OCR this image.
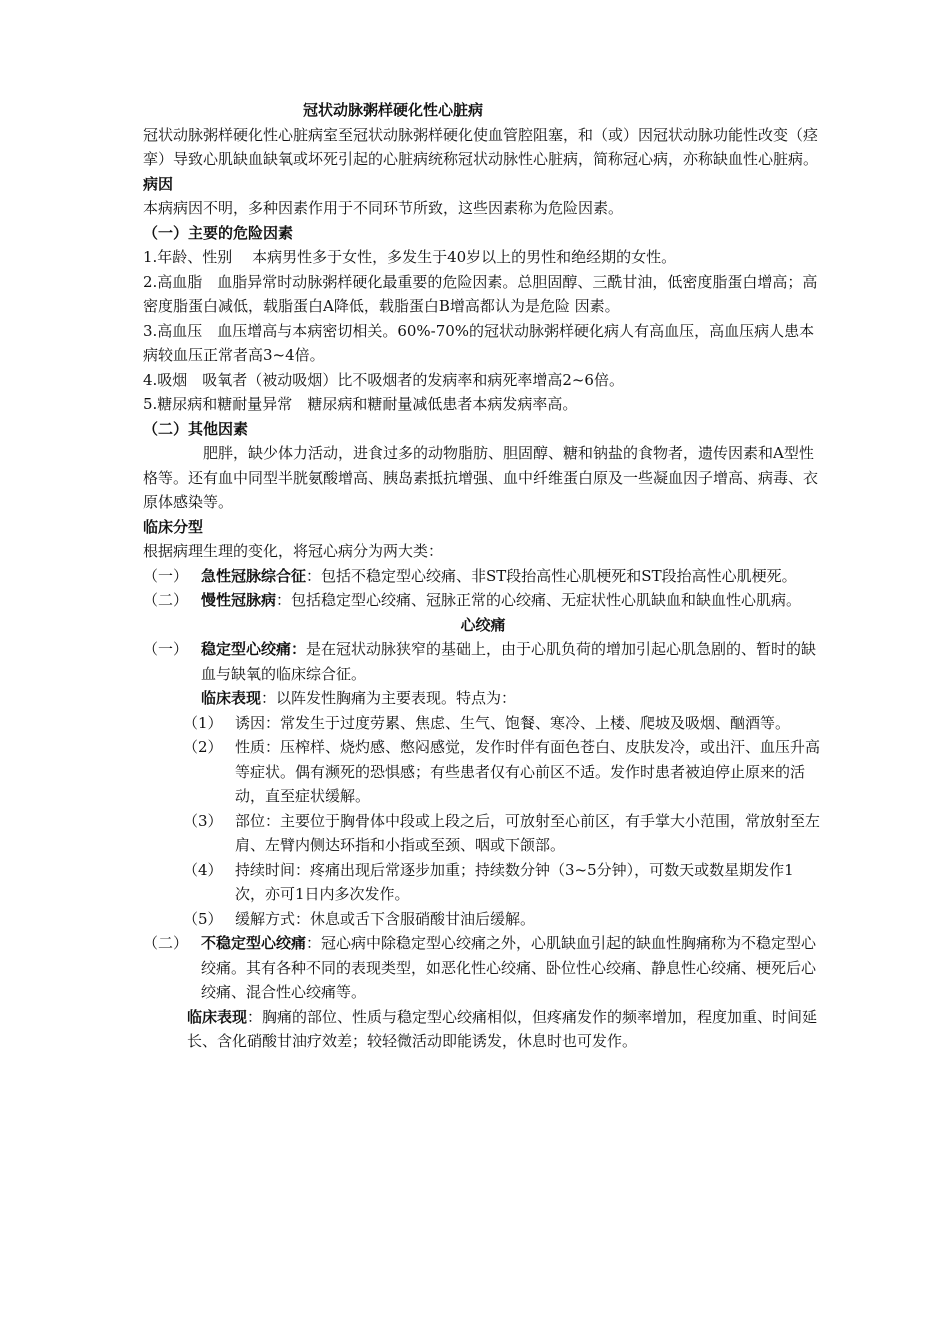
冠状动脉粥样硬化性心脏病

冠状动脉粥样硬化性心脏病室至冠状动脉粥样硬化使血管腔阻塞，和（或）因冠状动脉功能性改变（痉挛）导致心肌缺血缺氧或坏死引起的心脏病统称冠状动脉性心脏病，简称冠心病，亦称缺血性心脏病。

病因

本病病因不明，多种因素作用于不同环节所致，这些因素称为危险因素。

（一）主要的危险因素

1.年龄、性别　 本病男性多于女性，多发生于40岁以上的男性和绝经期的女性。

2.高血脂　血脂异常时动脉粥样硬化最重要的危险因素。总胆固醇、三酰甘油，低密度脂蛋白增高；高密度脂蛋白减低，载脂蛋白A降低，载脂蛋白B增高都认为是危险 因素。

3.高血压　血压增高与本病密切相关。60%-70%的冠状动脉粥样硬化病人有高血压，高血压病人患本病较血压正常者高3~4倍。

4.吸烟　吸氧者（被动吸烟）比不吸烟者的发病率和病死率增高2~6倍。

5.糖尿病和糖耐量异常　糖尿病和糖耐量减低患者本病发病率高。

（二）其他因素

肥胖，缺少体力活动，进食过多的动物脂肪、胆固醇、糖和钠盐的食物者，遗传因素和A型性格等。还有血中同型半胱氨酸增高、胰岛素抵抗增强、血中纤维蛋白原及一些凝血因子增高、病毒、衣原体感染等。

临床分型

根据病理生理的变化，将冠心病分为两大类：

（一） 急性冠脉综合征：包括不稳定型心绞痛、非ST段抬高性心肌梗死和ST段抬高性心肌梗死。
（二） 慢性冠脉病：包括稳定型心绞痛、冠脉正常的心绞痛、无症状性心肌缺血和缺血性心肌病。

心绞痛

（一） 稳定型心绞痛：是在冠状动脉狭窄的基础上，由于心肌负荷的增加引起心肌急剧的、暂时的缺血与缺氧的临床综合征。

临床表现：以阵发性胸痛为主要表现。特点为：

（1） 诱因：常发生于过度劳累、焦虑、生气、饱餐、寒冷、上楼、爬坡及吸烟、酗酒等。
（2） 性质：压榨样、烧灼感、憋闷感觉，发作时伴有面色苍白、皮肤发冷，或出汗、血压升高等症状。偶有濒死的恐惧感；有些患者仅有心前区不适。发作时患者被迫停止原来的活动，直至症状缓解。
（3） 部位：主要位于胸骨体中段或上段之后，可放射至心前区，有手掌大小范围，常放射至左肩、左臂内侧达环指和小指或至颈、咽或下颌部。
（4） 持续时间：疼痛出现后常逐步加重；持续数分钟（3~5分钟），可数天或数星期发作1次，亦可1日内多次发作。
（5） 缓解方式：休息或舌下含服硝酸甘油后缓解。
（二） 不稳定型心绞痛：冠心病中除稳定型心绞痛之外，心肌缺血引起的缺血性胸痛称为不稳定型心绞痛。其有各种不同的表现类型，如恶化性心绞痛、卧位性心绞痛、静息性心绞痛、梗死后心绞痛、混合性心绞痛等。

临床表现：胸痛的部位、性质与稳定型心绞痛相似，但疼痛发作的频率增加，程度加重、时间延长、含化硝酸甘油疗效差；较轻微活动即能诱发，休息时也可发作。
